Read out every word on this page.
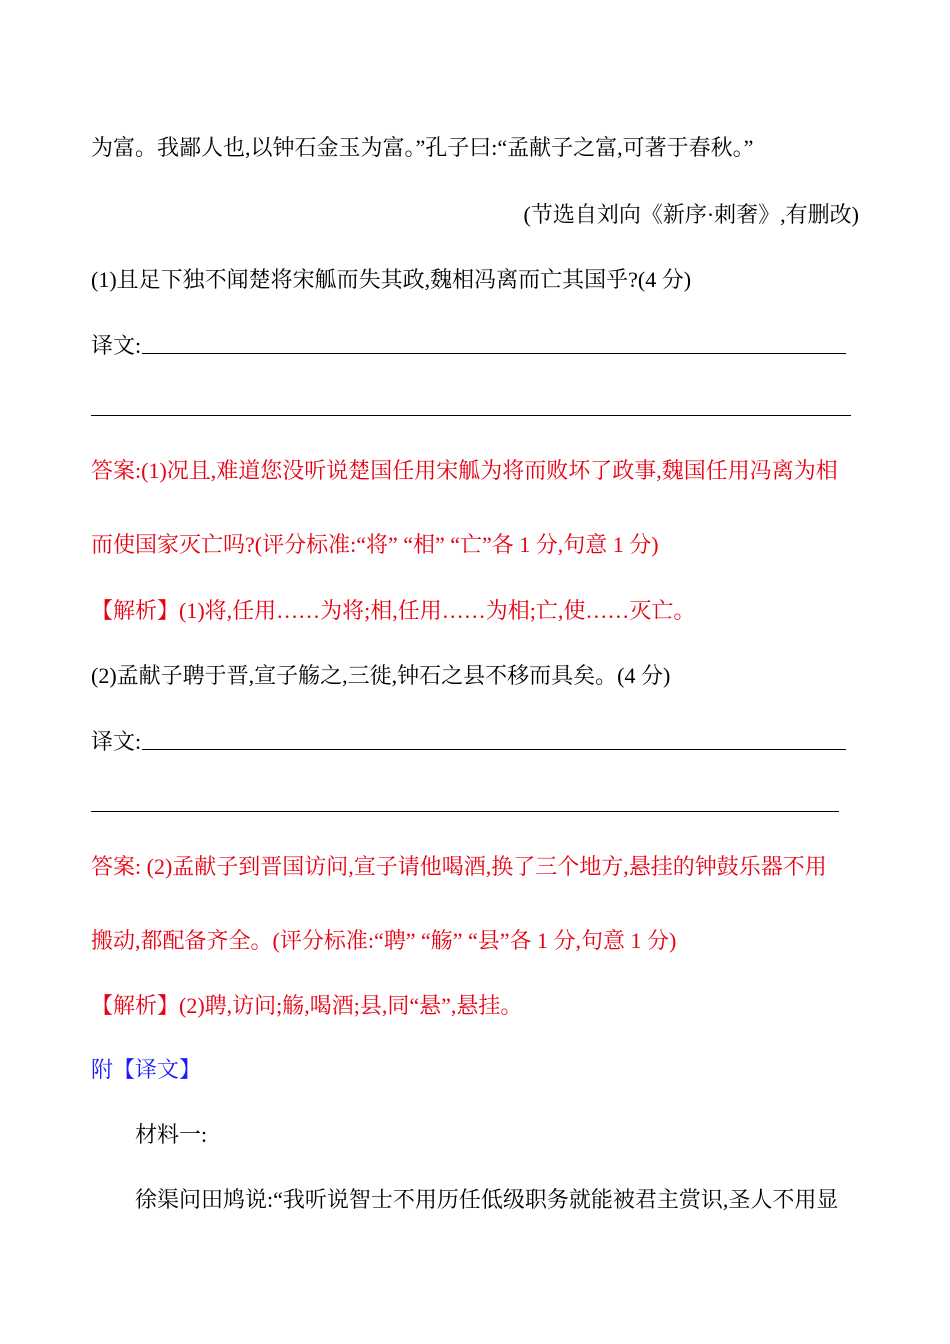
为富。我鄙人也,以钟石金玉为富。”孔子曰:“孟献子之富,可著于春秋。”
(节选自刘向《新序·刺奢》,有删改)
(1)且足下独不闻楚将宋觚而失其政,魏相冯离而亡其国乎?(4 分)
译文:
答案:(1)况且,难道您没听说楚国任用宋觚为将而败坏了政事,魏国任用冯离为相
而使国家灭亡吗?(评分标准:“将” “相” “亡”各 1 分,句意 1 分)
【解析】(1)将,任用……为将;相,任用……为相;亡,使……灭亡。
(2)孟献子聘于晋,宣子觞之,三徙,钟石之县不移而具矣。(4 分)
译文:
答案: (2)孟献子到晋国访问,宣子请他喝酒,换了三个地方,悬挂的钟鼓乐器不用
搬动,都配备齐全。(评分标准:“聘” “觞” “县”各 1 分,句意 1 分)
【解析】(2)聘,访问;觞,喝酒;县,同“悬”,悬挂。
附【译文】
材料一:
徐渠问田鸠说:“我听说智士不用历任低级职务就能被君主赏识,圣人不用显
